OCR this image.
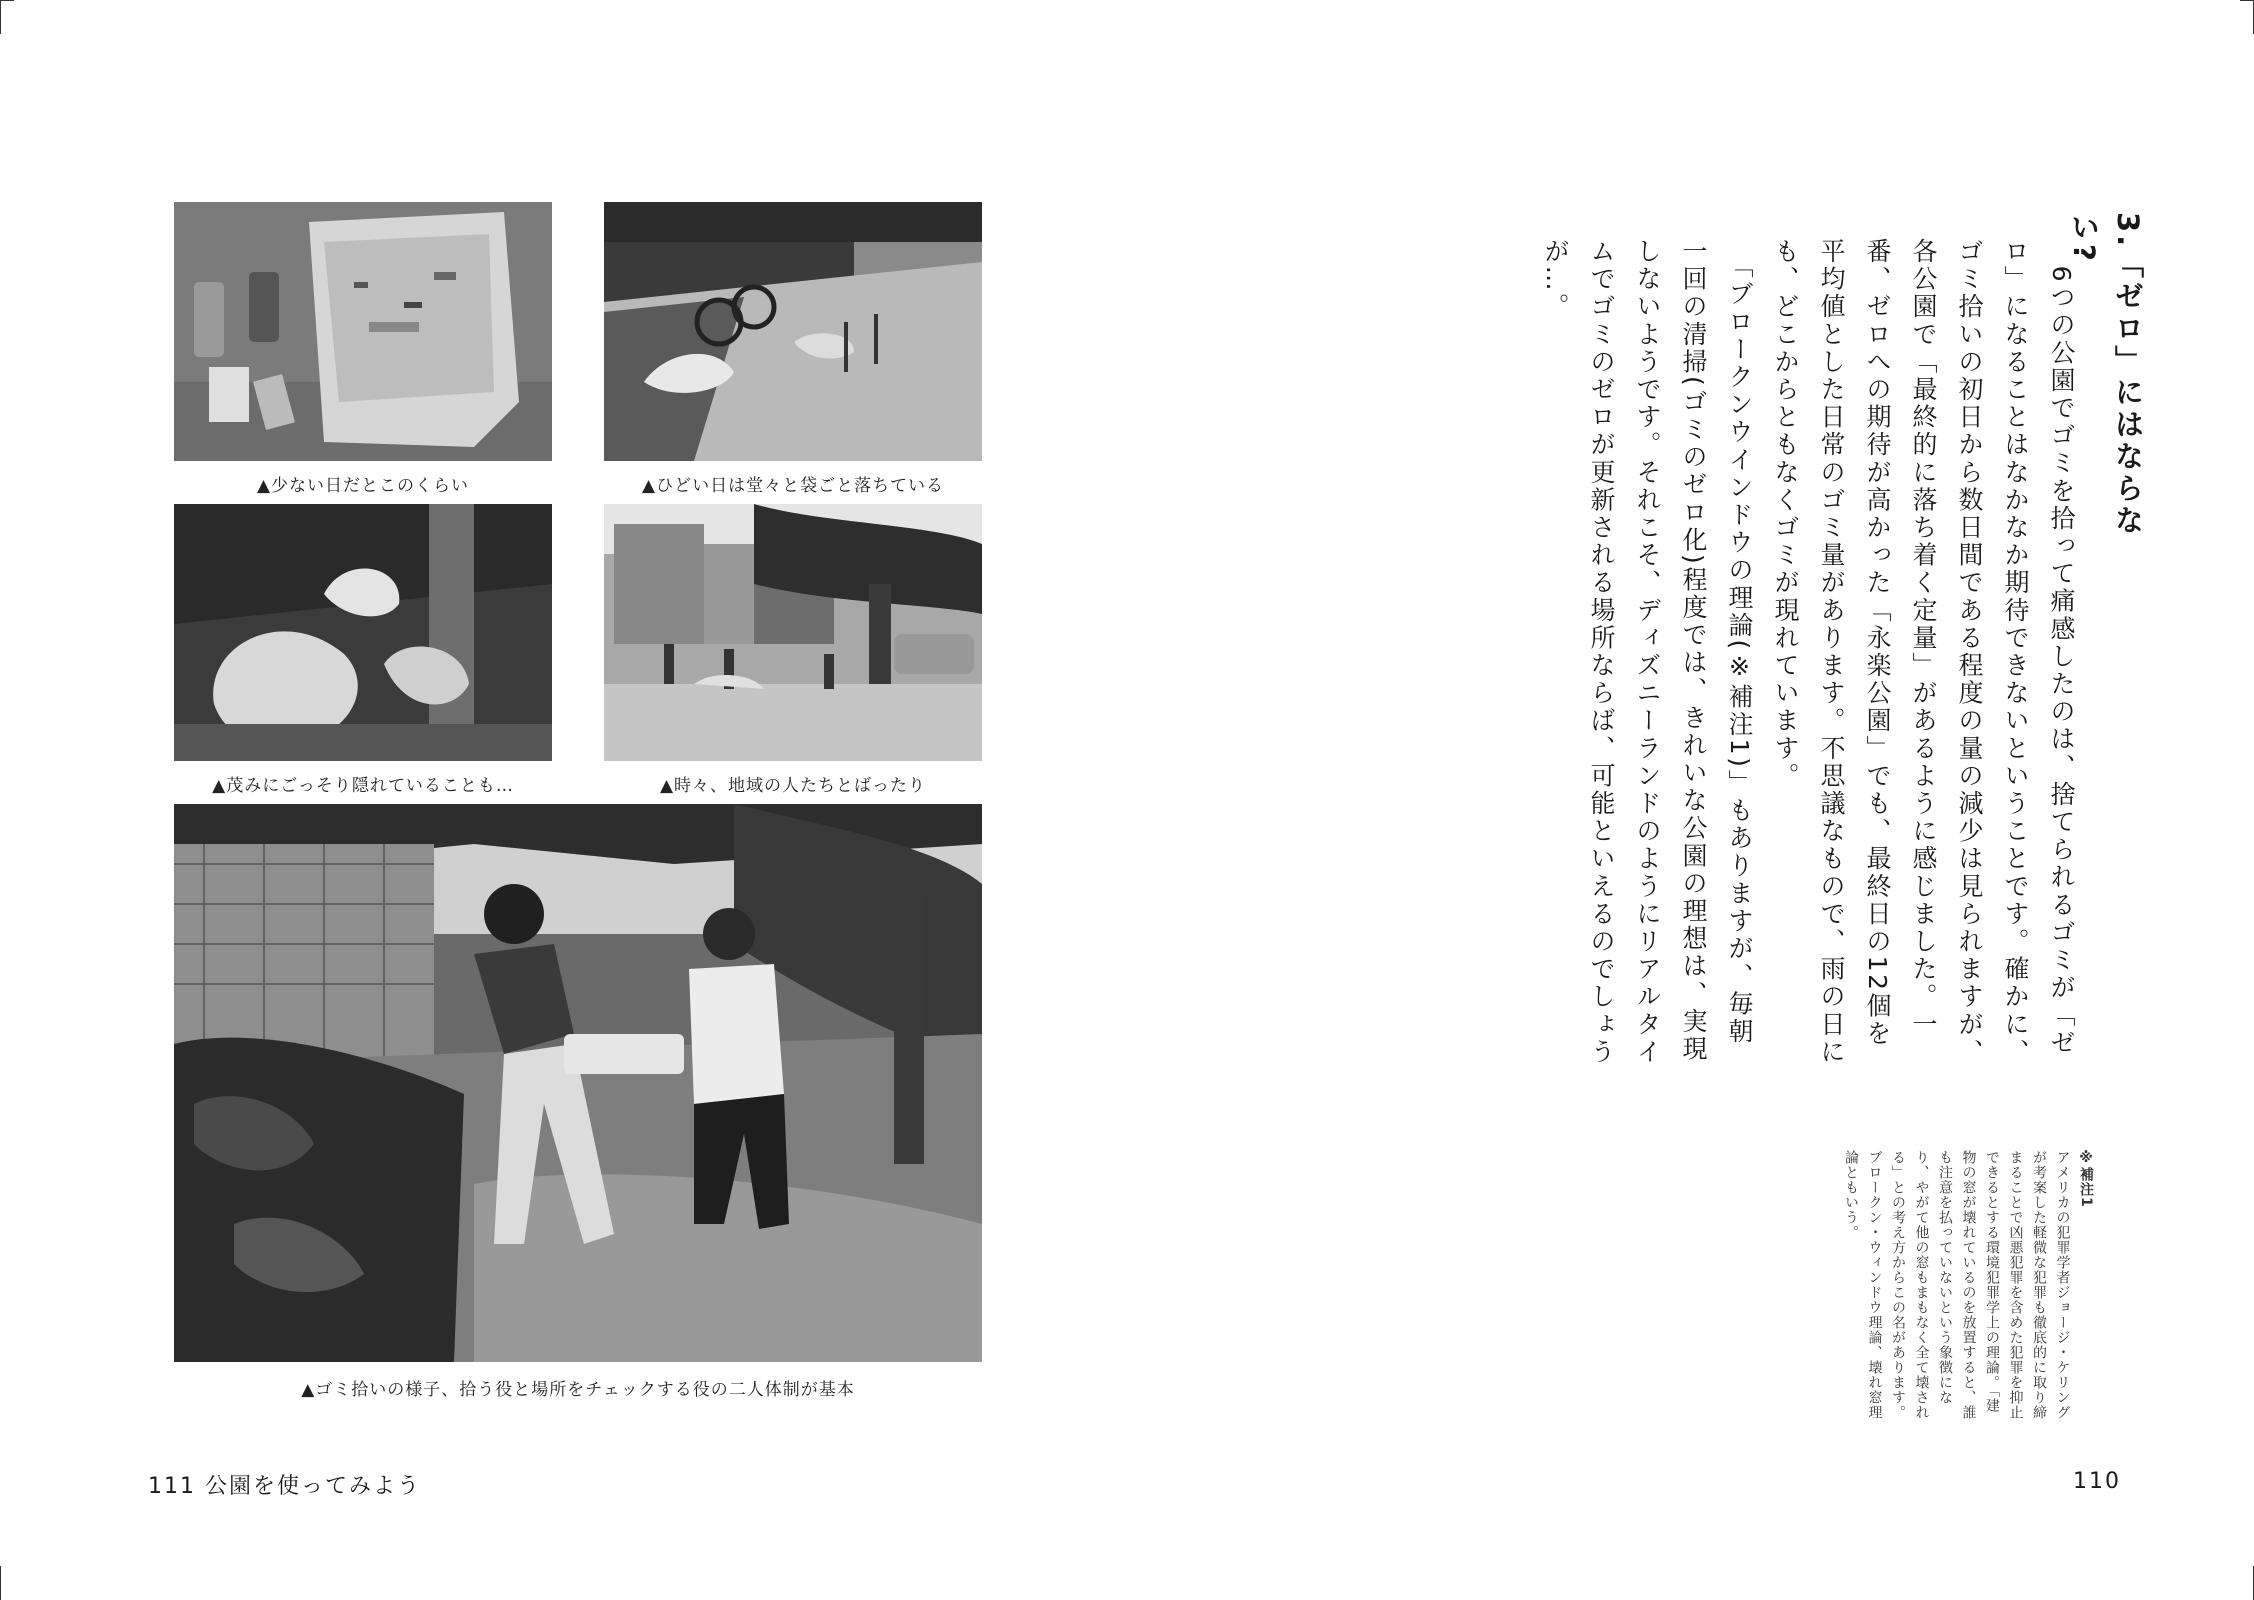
▲少ない日だとこのくらい	▲ひどい日は堂々と袋ごと落ちている
▲茂みにごっそり隠れていることも…	▲時々、地域の人たちとばったり
▲ゴミ拾いの様子、拾う役と場所をチェックする役の二人体制が基本
3.「ゼロ」にはならない?

　6つの公園でゴミを拾って痛感したのは、捨てられるゴミが「ゼロ」になることはなかなか期待できないということです。確かに、ゴミ拾いの初日から数日間である程度の量の減少は見られますが、各公園で「最終的に落ち着く定量」があるように感じました。一番、ゼロへの期待が高かった「永楽公園」でも、最終日の12個を平均値とした日常のゴミ量があります。不思議なもので、雨の日にも、どこからともなくゴミが現れています。

　「ブロークンウインドウの理論(※補注1)」もありますが、毎朝一回の清掃(ゴミのゼロ化)程度では、きれいな公園の理想は、実現しないようです。それこそ、ディズニーランドのようにリアルタイムでゴミのゼロが更新される場所ならば、可能といえるのでしょうが…。

※補注1

アメリカの犯罪学者ジョージ・ケリングが考案した軽微な犯罪も徹底的に取り締まることで凶悪犯罪を含めた犯罪を抑止できるとする環境犯罪学上の理論。「建物の窓が壊れているのを放置すると、誰も注意を払っていないという象徴になり、やがて他の窓もまもなく全て壊される」との考え方からこの名があります。ブロークン・ウィンドウ理論、壊れ窓理論ともいう。

111 公園を使ってみよう	110
